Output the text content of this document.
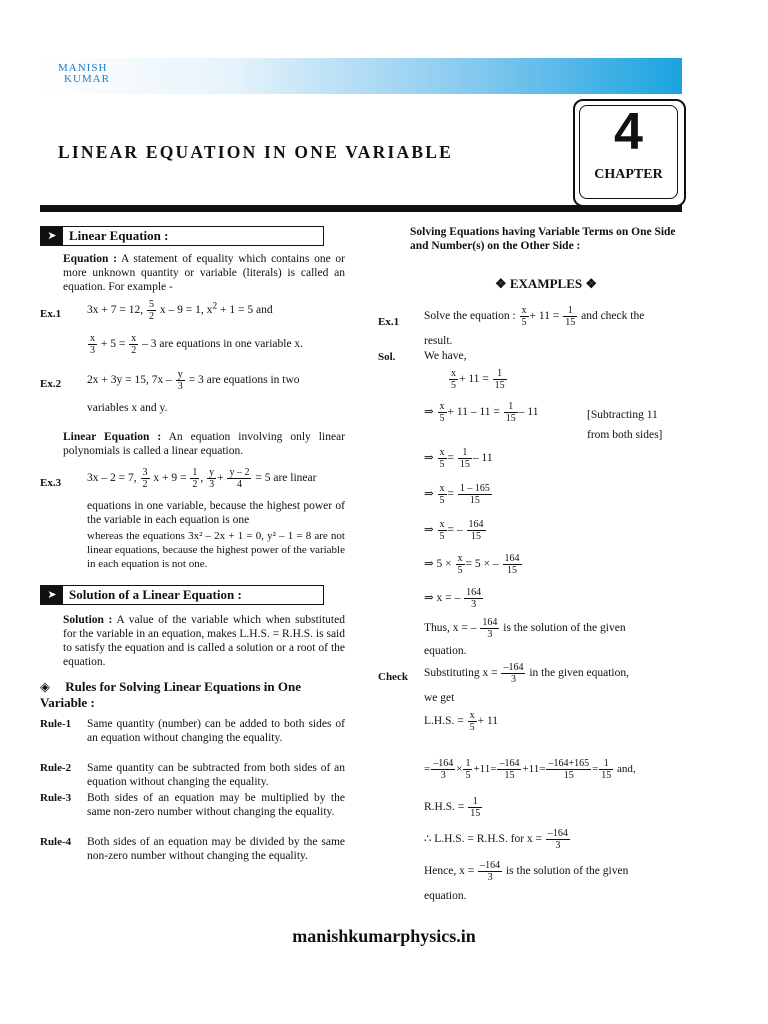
MANISH
KUMAR
LINEAR EQUATION IN ONE VARIABLE	4
CHAPTER
➤ Linear Equation :
Equation : A statement of equality which contains one or more unknown quantity or variable (literals) is called an equation. For example -
Ex.1 3x + 7 = 12, $\frac{5}{2}$ x – 9 = 1, $x^2 + 1 = 5$ and
$\frac{x}{3} + 5 = \frac{x}{2} - 3$ are equations in one variable x.
Ex.2 2x + 3y = 15, $7x - \frac{y}{3} = 3$ are equations in two
variables x and y.
Linear Equation : An equation involving only linear polynomials is called a linear equation.
Ex.3 3x – 2 = 7, $\frac{3}{2}$ $x + 9 = \frac{1}{2}$ , $\frac{y}{3} + \frac{y - 2}{4} = 5$ are linear
equations in one variable, because the highest power of the variable in each equation is one
whereas the equations 3x² – 2x + 1 = 0, y² – 1 = 8 are not linear equations, because the highest power of the variable in each equation is not one.
➤ Solution of a Linear Equation :
Solution : A value of the variable which when substituted for the variable in an equation, makes L.H.S. = R.H.S. is said to satisfy the equation and is called a solution or a root of the equation.
◈ Rules for Solving Linear Equations in One Variable :
Rule-1 Same quantity (number) can be added to both sides of an equation without changing the equality.
Rule-2 Same quantity can be subtracted from both sides of an equation without changing the equality.
Rule-3 Both sides of an equation may be multiplied by the same non-zero number without changing the equality.
Rule-4 Both sides of an equation may be divided by the same non-zero number without changing the equality.
Solving Equations having Variable Terms on One Side and Number(s) on the Other Side :
❖ EXAMPLES ❖
Ex.1 Solve the equation : $\frac{x}{5} + 11 = \frac{1}{15}$ and check the
result.
Sol. We have,
$\frac{x}{5} + 11 = \frac{1}{15}$
⇒ $\frac{x}{5} + 11 - 11 = \frac{1}{15} - 11$	[Subtracting 11
from both sides]
⇒ $\frac{x}{5} = \frac{1}{15} - 11$
⇒ $\frac{x}{5} = \frac{1 - 165}{15}$
⇒ $\frac{x}{5}$ = – $\frac{164}{15}$
⇒ $5 \times \frac{x}{5} = 5$ × – $\frac{164}{15}$
⇒ x = – $\frac{164}{3}$
Thus, x = – $\frac{164}{3}$ is the solution of the given
equation.
Check Substituting $x = \frac{-164}{3}$ in the given equation,
we get
L.H.S. = $\frac{x}{5} + 11$
= $\frac{-164}{3} \times \frac{1}{5} +11= \frac{-164}{15} +11= \frac{-164+165}{15} = \frac{1}{15}$ and,
R.H.S. = $\frac{1}{15}$
∴ L.H.S. = R.H.S. for $x = \frac{-164}{3}$
Hence, $x = \frac{-164}{3}$ is the solution of the given
equation.
manishkumarphysics.in
